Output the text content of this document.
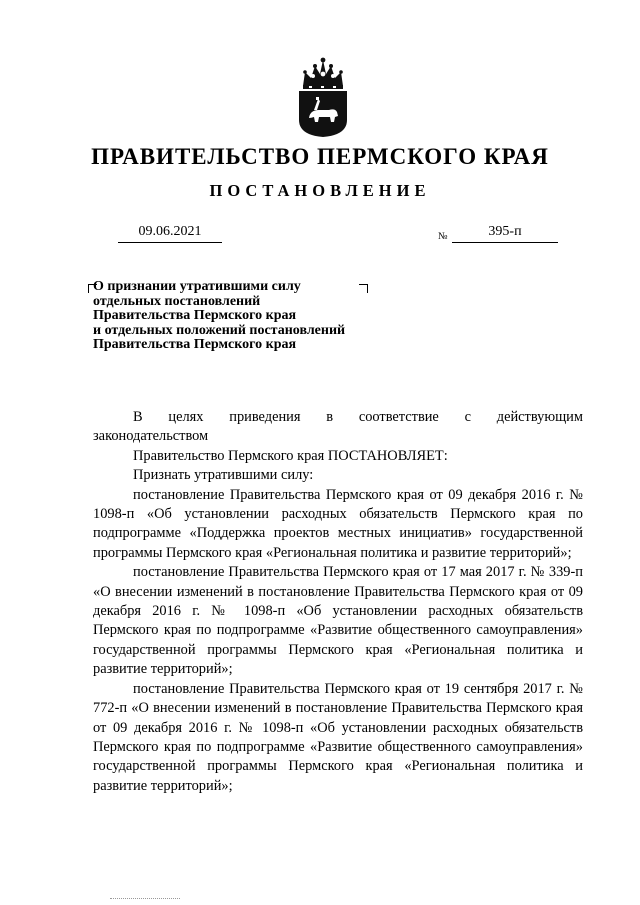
ПРАВИТЕЛЬСТВО ПЕРМСКОГО КРАЯ
ПОСТАНОВЛЕНИЕ
09.06.2021	№	395-п
О признании утратившими силу
отдельных постановлений
Правительства Пермского края
и отдельных положений постановлений
Правительства Пермского края

В целях приведения в соответствие с действующим

законодательством

Правительство Пермского края ПОСТАНОВЛЯЕТ:

Признать утратившими силу:

постановление Правительства Пермского края от 09 декабря 2016 г. № 1098-п «Об установлении расходных обязательств Пермского края по подпрограмме «Поддержка проектов местных инициатив» государственной программы Пермского края «Региональная политика и развитие территорий»;

постановление Правительства Пермского края от 17 мая 2017 г. № 339-п «О внесении изменений в постановление Правительства Пермского края от 09 декабря 2016 г. № 1098-п «Об установлении расходных обязательств Пермского края по подпрограмме «Развитие общественного самоуправления» государственной программы Пермского края «Региональная политика и развитие территорий»;

постановление Правительства Пермского края от 19 сентября 2017 г. № 772-п «О внесении изменений в постановление Правительства Пермского края от 09 декабря 2016 г. № 1098-п «Об установлении расходных обязательств Пермского края по подпрограмме «Развитие общественного самоуправления» государственной программы Пермского края «Региональная политика и развитие территорий»;
